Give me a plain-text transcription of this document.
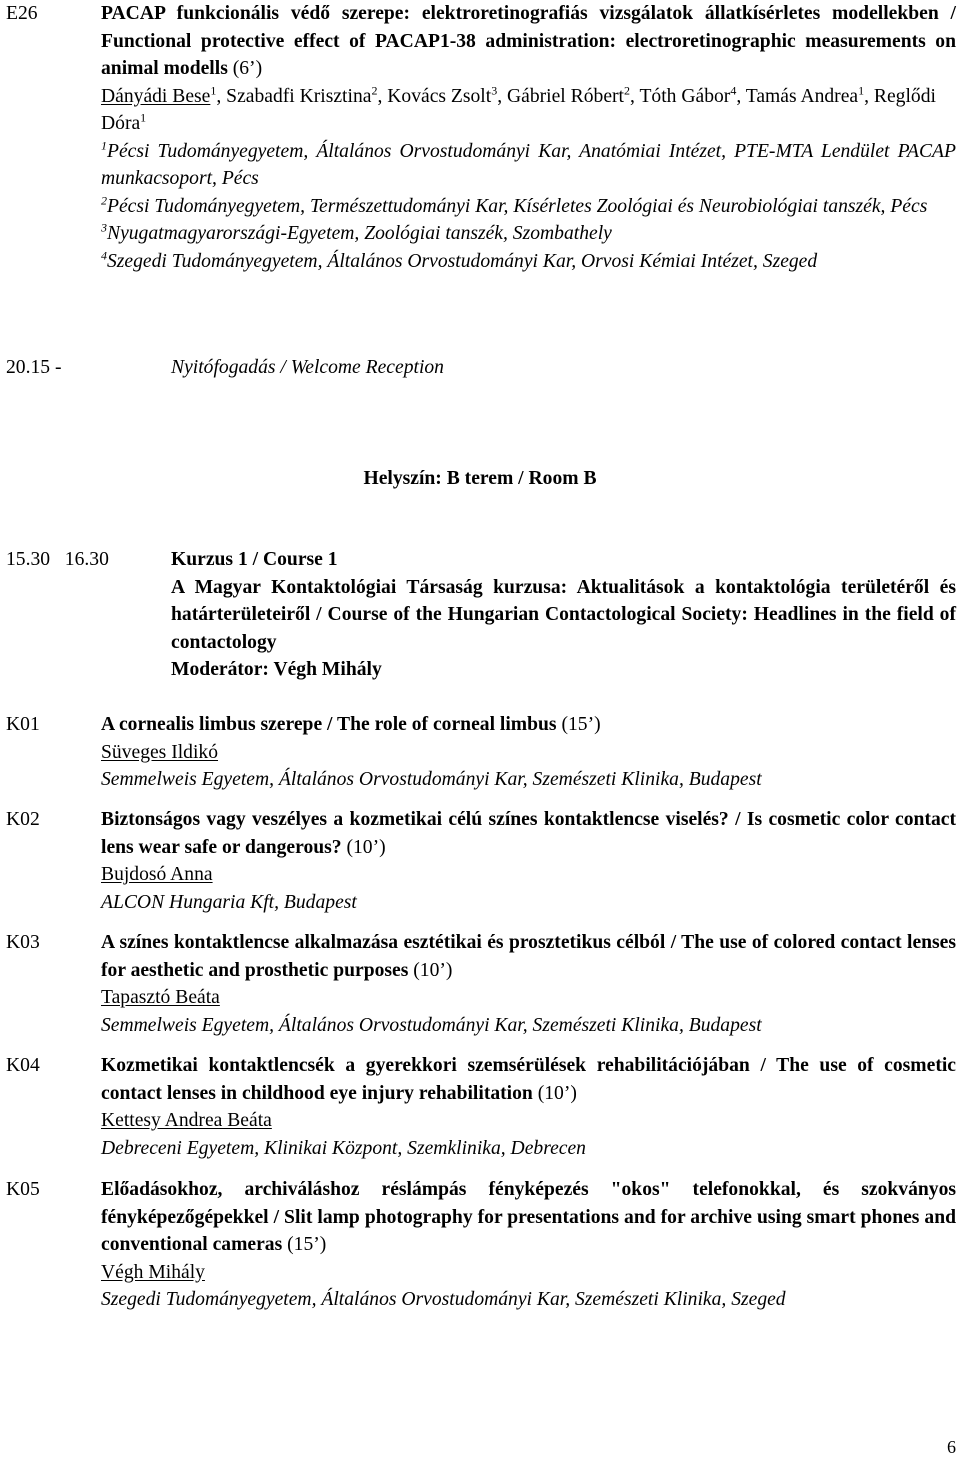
E26	PACAP funkcionális védő szerepe: elektroretinografiás vizsgálatok állatkísérletes modellekben / Functional protective effect of PACAP1-38 administration: electroretinographic measurements on animal modells (6’)
Dányádi Bese$^1$, Szabadfi Krisztina$^2$, Kovács Zsolt$^3$, Gábriel Róbert$^2$, Tóth Gábor$^4$, Tamás Andrea$^1$, Reglődi Dóra$^1$
$^1$Pécsi Tudományegyetem, Általános Orvostudományi Kar, Anatómiai Intézet, PTE-MTA Lendület PACAP munkacsoport, Pécs
$^2$Pécsi Tudományegyetem, Természettudományi Kar, Kísérletes Zoológiai és Neurobiológiai tanszék, Pécs
$^3$Nyugatmagyarországi-Egyetem, Zoológiai tanszék, Szombathely
$^4$Szegedi Tudományegyetem, Általános Orvostudományi Kar, Orvosi Kémiai Intézet, Szeged
20.15 -	Nyitófogadás / Welcome Reception
Helyszín: B terem / Room B
15.30   16.30	Kurzus 1 / Course 1
A Magyar Kontaktológiai Társaság kurzusa: Aktualitások a kontaktológia területéről és határterületeiről / Course of the Hungarian Contactological Society: Headlines in the field of contactology
Moderátor: Végh Mihály
K01	A cornealis limbus szerepe / The role of corneal limbus (15’)
Süveges Ildikó
Semmelweis Egyetem, Általános Orvostudományi Kar, Szemészeti Klinika, Budapest
K02	Biztonságos vagy veszélyes a kozmetikai célú színes kontaktlencse viselés? / Is cosmetic color contact lens wear safe or dangerous? (10’)
Bujdosó Anna
ALCON Hungaria Kft, Budapest
K03	A színes kontaktlencse alkalmazása esztétikai és prosztetikus célból / The use of colored contact lenses for aesthetic and prosthetic purposes (10’)
Tapasztó Beáta
Semmelweis Egyetem, Általános Orvostudományi Kar, Szemészeti Klinika, Budapest
K04	Kozmetikai kontaktlencsék a gyerekkori szemsérülések rehabilitációjában / The use of cosmetic contact lenses in childhood eye injury rehabilitation (10’)
Kettesy Andrea Beáta
Debreceni Egyetem, Klinikai Központ, Szemklinika, Debrecen
K05	Előadásokhoz, archiváláshoz réslámpás fényképezés "okos" telefonokkal, és szokványos fényképezőgépekkel / Slit lamp photography for presentations and for archive using smart phones and conventional cameras (15’)
Végh Mihály
Szegedi Tudományegyetem, Általános Orvostudományi Kar, Szemészeti Klinika, Szeged
6
